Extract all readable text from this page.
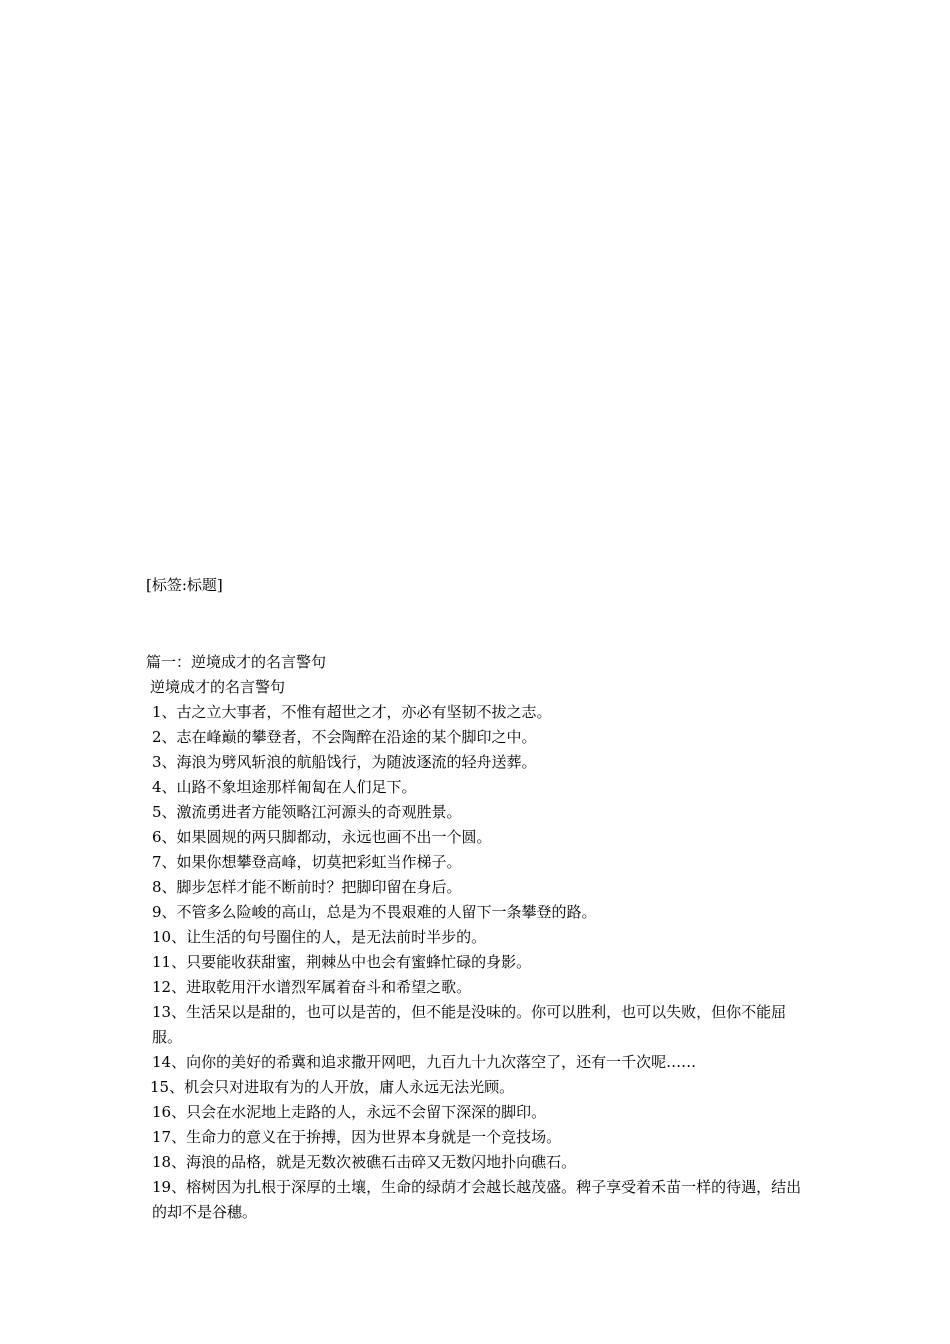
[标签:标题]

篇一：逆境成才的名言警句

逆境成才的名言警句

1、古之立大事者，不惟有超世之才，亦必有坚韧不拔之志。

2、志在峰巅的攀登者，不会陶醉在沿途的某个脚印之中。

3、海浪为劈风斩浪的航船饯行，为随波逐流的轻舟送葬。

4、山路不象坦途那样匍匐在人们足下。

5、激流勇进者方能领略江河源头的奇观胜景。

6、如果圆规的两只脚都动，永远也画不出一个圆。

7、如果你想攀登高峰，切莫把彩虹当作梯子。

8、脚步怎样才能不断前时？把脚印留在身后。

9、不管多么险峻的高山，总是为不畏艰难的人留下一条攀登的路。

10、让生活的句号圈住的人，是无法前时半步的。

11、只要能收获甜蜜，荆棘丛中也会有蜜蜂忙碌的身影。

12、进取乾用汗水谱烈军属着奋斗和希望之歌。

13、生活呆以是甜的，也可以是苦的，但不能是没味的。你可以胜利，也可以失败，但你不能屈服。

14、向你的美好的希冀和追求撒开网吧，九百九十九次落空了，还有一千次呢……

15、机会只对进取有为的人开放，庸人永远无法光顾。

16、只会在水泥地上走路的人，永远不会留下深深的脚印。

17、生命力的意义在于拚搏，因为世界本身就是一个竞技场。

18、海浪的品格，就是无数次被礁石击碎又无数闪地扑向礁石。

19、榕树因为扎根于深厚的土壤，生命的绿荫才会越长越茂盛。稗子享受着禾苗一样的待遇，结出的却不是谷穗。
